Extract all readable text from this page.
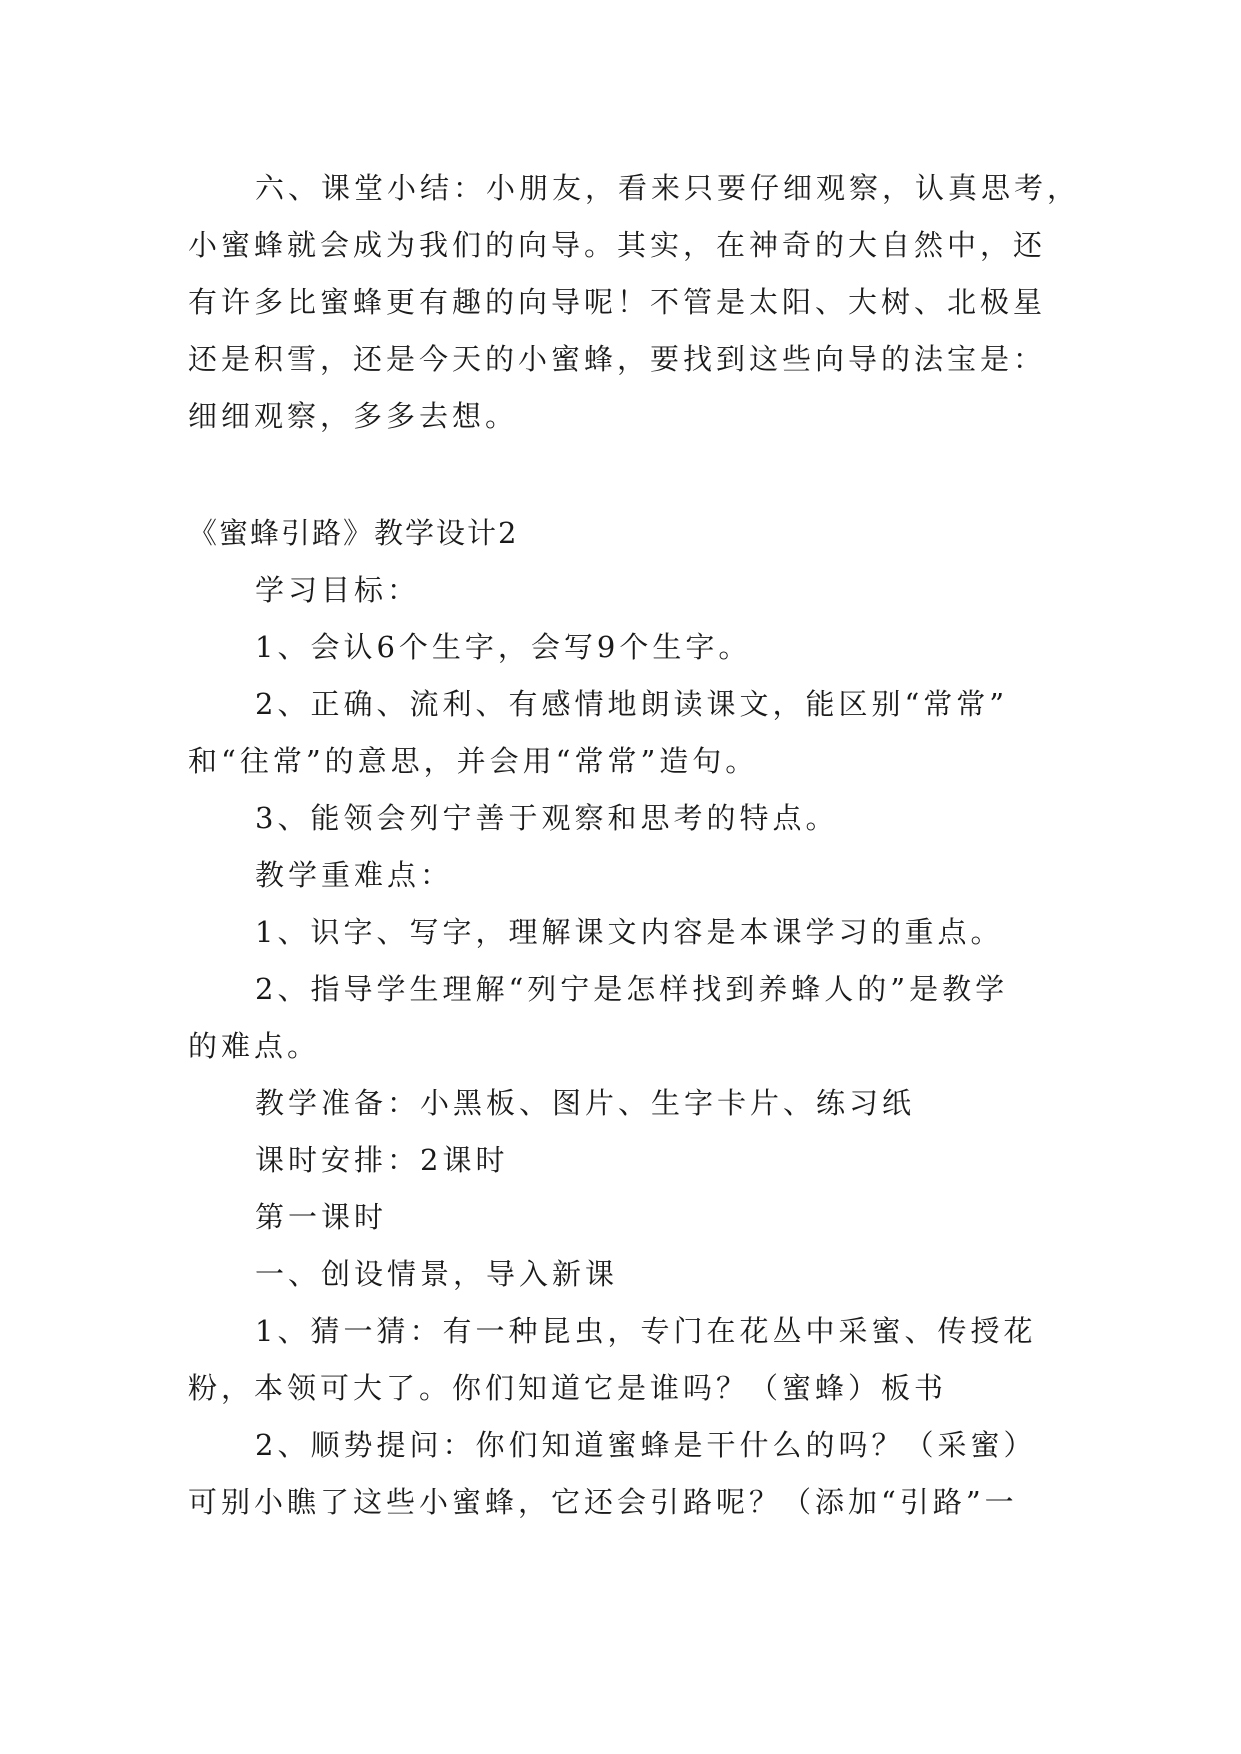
六、课堂小结：小朋友，看来只要仔细观察，认真思考，
小蜜蜂就会成为我们的向导。其实，在神奇的大自然中，还
有许多比蜜蜂更有趣的向导呢！不管是太阳、大树、北极星
还是积雪，还是今天的小蜜蜂，要找到这些向导的法宝是：
细细观察，多多去想。
《蜜蜂引路》教学设计2
学习目标：
1、会认6个生字，会写9个生字。
2、正确、流利、有感情地朗读课文，能区别“常常”
和“往常”的意思，并会用“常常”造句。
3、能领会列宁善于观察和思考的特点。
教学重难点：
1、识字、写字，理解课文内容是本课学习的重点。
2、指导学生理解“列宁是怎样找到养蜂人的”是教学
的难点。
教学准备：小黑板、图片、生字卡片、练习纸
课时安排：2课时
第一课时
一、创设情景，导入新课
1、猜一猜：有一种昆虫，专门在花丛中采蜜、传授花
粉，本领可大了。你们知道它是谁吗？（蜜蜂）板书
2、顺势提问：你们知道蜜蜂是干什么的吗？（采蜜）
可别小瞧了这些小蜜蜂，它还会引路呢？（添加“引路”一
